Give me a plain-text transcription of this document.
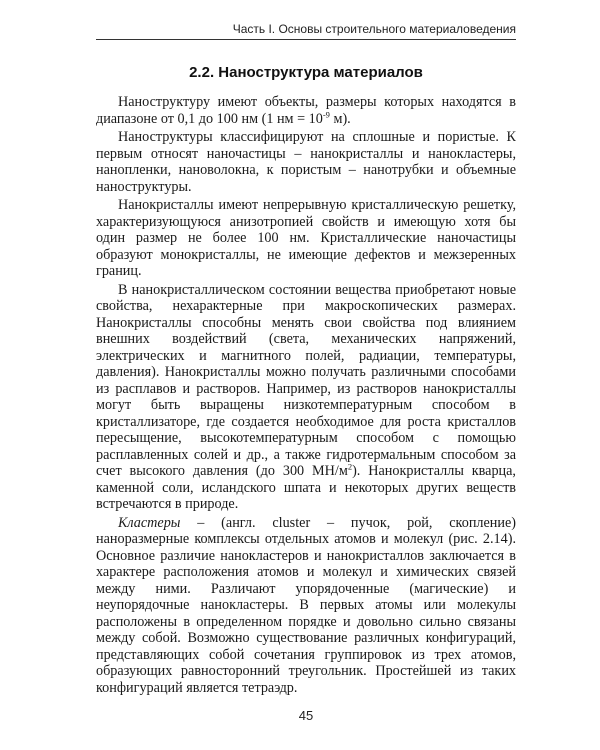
Часть I. Основы строительного материаловедения
2.2. Наноструктура материалов

Наноструктуру имеют объекты, размеры которых находятся в диапазоне от 0,1 до 100 нм (1 нм = $10^{-9}$ м).

Наноструктуры классифицируют на сплошные и пористые. К первым относят наночастицы – нанокристаллы и нанокластеры, нанопленки, нановолокна, к пористым – нанотрубки и объемные наноструктуры.

Нанокристаллы имеют непрерывную кристаллическую решетку, характеризующуюся анизотропией свойств и имеющую хотя бы один размер не более 100 нм. Кристаллические наночастицы образуют монокристаллы, не имеющие дефектов и межзеренных границ.

В нанокристаллическом состоянии вещества приобретают новые свойства, нехарактерные при макроскопических размерах. Нанокристаллы способны менять свои свойства под влиянием внешних воздействий (света, механических напряжений, электрических и магнитного полей, радиации, температуры, давления). Нанокристаллы можно получать различными способами из расплавов и растворов. Например, из растворов нанокристаллы могут быть выращены низкотемпературным способом в кристаллизаторе, где создается необходимое для роста кристаллов пересыщение, высокотемпературным способом с помощью расплавленных солей и др., а также гидротермальным способом за счет высокого давления (до 300 $МН/м^2$). Нанокристаллы кварца, каменной соли, исландского шпата и некоторых других веществ встречаются в природе.

Кластеры – (англ. cluster – пучок, рой, скопление) наноразмерные комплексы отдельных атомов и молекул (рис. 2.14). Основное различие нанокластеров и нанокристаллов заключается в характере расположения атомов и молекул и химических связей между ними. Различают упорядоченные (магические) и неупорядочные нанокластеры. В первых атомы или молекулы расположены в определенном порядке и довольно сильно связаны между собой. Возможно существование различных конфигураций, представляющих собой сочетания группировок из трех атомов, образующих равносторонний треугольник. Простейшей из таких конфигураций является тетраэдр.

45
